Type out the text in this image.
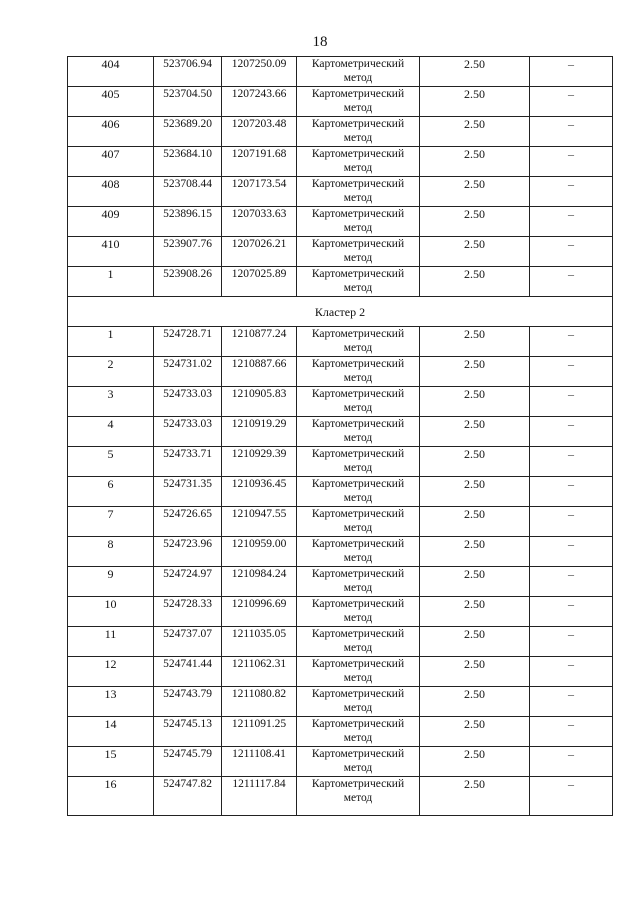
18
404	523706.94	1207250.09	Картометрический метод	2.50	–
405	523704.50	1207243.66	Картометрический метод	2.50	–
406	523689.20	1207203.48	Картометрический метод	2.50	–
407	523684.10	1207191.68	Картометрический метод	2.50	–
408	523708.44	1207173.54	Картометрический метод	2.50	–
409	523896.15	1207033.63	Картометрический метод	2.50	–
410	523907.76	1207026.21	Картометрический метод	2.50	–
1	523908.26	1207025.89	Картометрический метод	2.50	–
Кластер 2					
1	524728.71	1210877.24	Картометрический метод	2.50	–
2	524731.02	1210887.66	Картометрический метод	2.50	–
3	524733.03	1210905.83	Картометрический метод	2.50	–
4	524733.03	1210919.29	Картометрический метод	2.50	–
5	524733.71	1210929.39	Картометрический метод	2.50	–
6	524731.35	1210936.45	Картометрический метод	2.50	–
7	524726.65	1210947.55	Картометрический метод	2.50	–
8	524723.96	1210959.00	Картометрический метод	2.50	–
9	524724.97	1210984.24	Картометрический метод	2.50	–
10	524728.33	1210996.69	Картометрический метод	2.50	–
11	524737.07	1211035.05	Картометрический метод	2.50	–
12	524741.44	1211062.31	Картометрический метод	2.50	–
13	524743.79	1211080.82	Картометрический метод	2.50	–
14	524745.13	1211091.25	Картометрический метод	2.50	–
15	524745.79	1211108.41	Картометрический метод	2.50	–
16	524747.82	1211117.84	Картометрический метод	2.50	–
